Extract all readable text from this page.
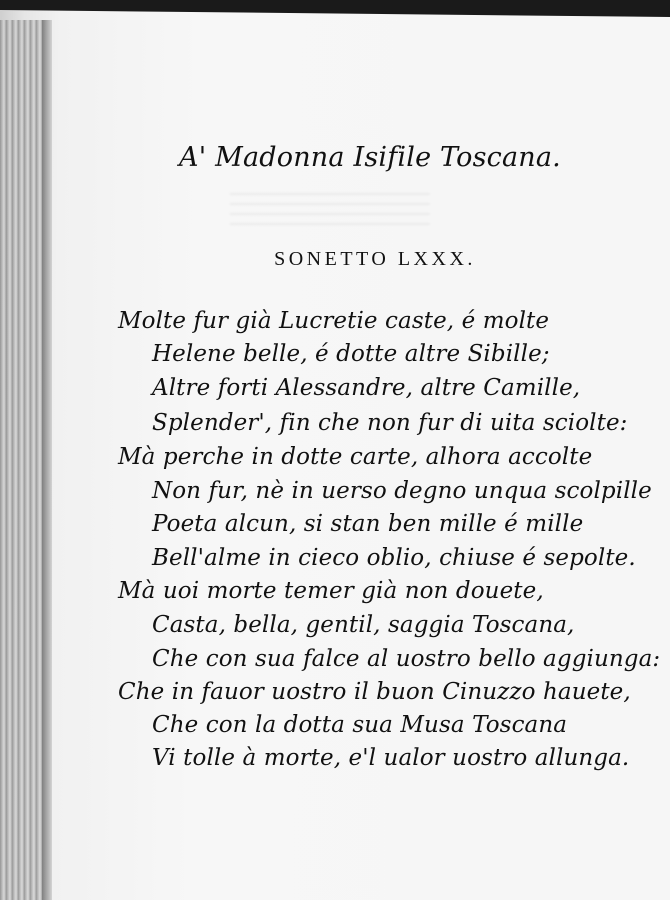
A' Madonna Isifile Toscana.
SONETTO LXXX.
Molte fur già Lucretie caste, é molte
Helene belle, é dotte altre Sibille;
Altre forti Alessandre, altre Camille,
Splender', fin che non fur di uita sciolte:
Mà perche in dotte carte, alhora accolte
Non fur, nè in uerso degno unqua scolpille
Poeta alcun, si stan ben mille é mille
Bell'alme in cieco oblio, chiuse é sepolte.
Mà uoi morte temer già non douete,
Casta, bella, gentil, saggia Toscana,
Che con sua falce al uostro bello aggiunga:
Che in fauor uostro il buon Cinuzzo hauete,
Che con la dotta sua Musa Toscana
Vi tolle à morte, e'l ualor uostro allunga.
